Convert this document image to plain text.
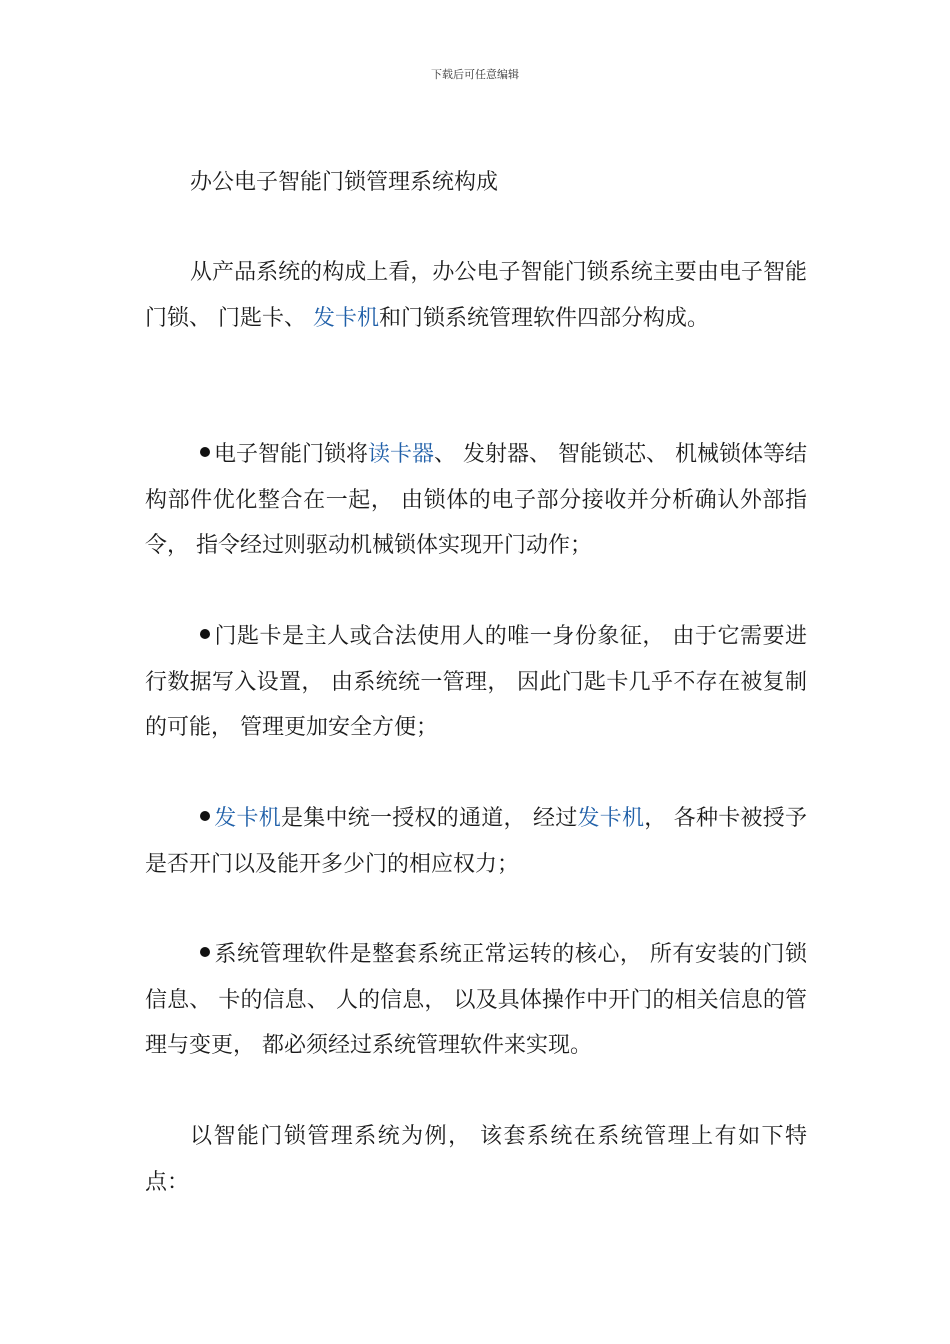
下载后可任意编辑

办公电子智能门锁管理系统构成

从产品系统的构成上看，办公电子智能门锁系统主要由电子智能门锁、 门匙卡、 发卡机和门锁系统管理软件四部分构成。

电子智能门锁将读卡器、 发射器、 智能锁芯、 机械锁体等结构部件优化整合在一起， 由锁体的电子部分接收并分析确认外部指令， 指令经过则驱动机械锁体实现开门动作；

门匙卡是主人或合法使用人的唯一身份象征， 由于它需要进行数据写入设置， 由系统统一管理， 因此门匙卡几乎不存在被复制的可能， 管理更加安全方便；

发卡机是集中统一授权的通道， 经过发卡机， 各种卡被授予是否开门以及能开多少门的相应权力；

系统管理软件是整套系统正常运转的核心， 所有安装的门锁信息、 卡的信息、 人的信息， 以及具体操作中开门的相关信息的管理与变更， 都必须经过系统管理软件来实现。

以智能门锁管理系统为例， 该套系统在系统管理上有如下特点：
